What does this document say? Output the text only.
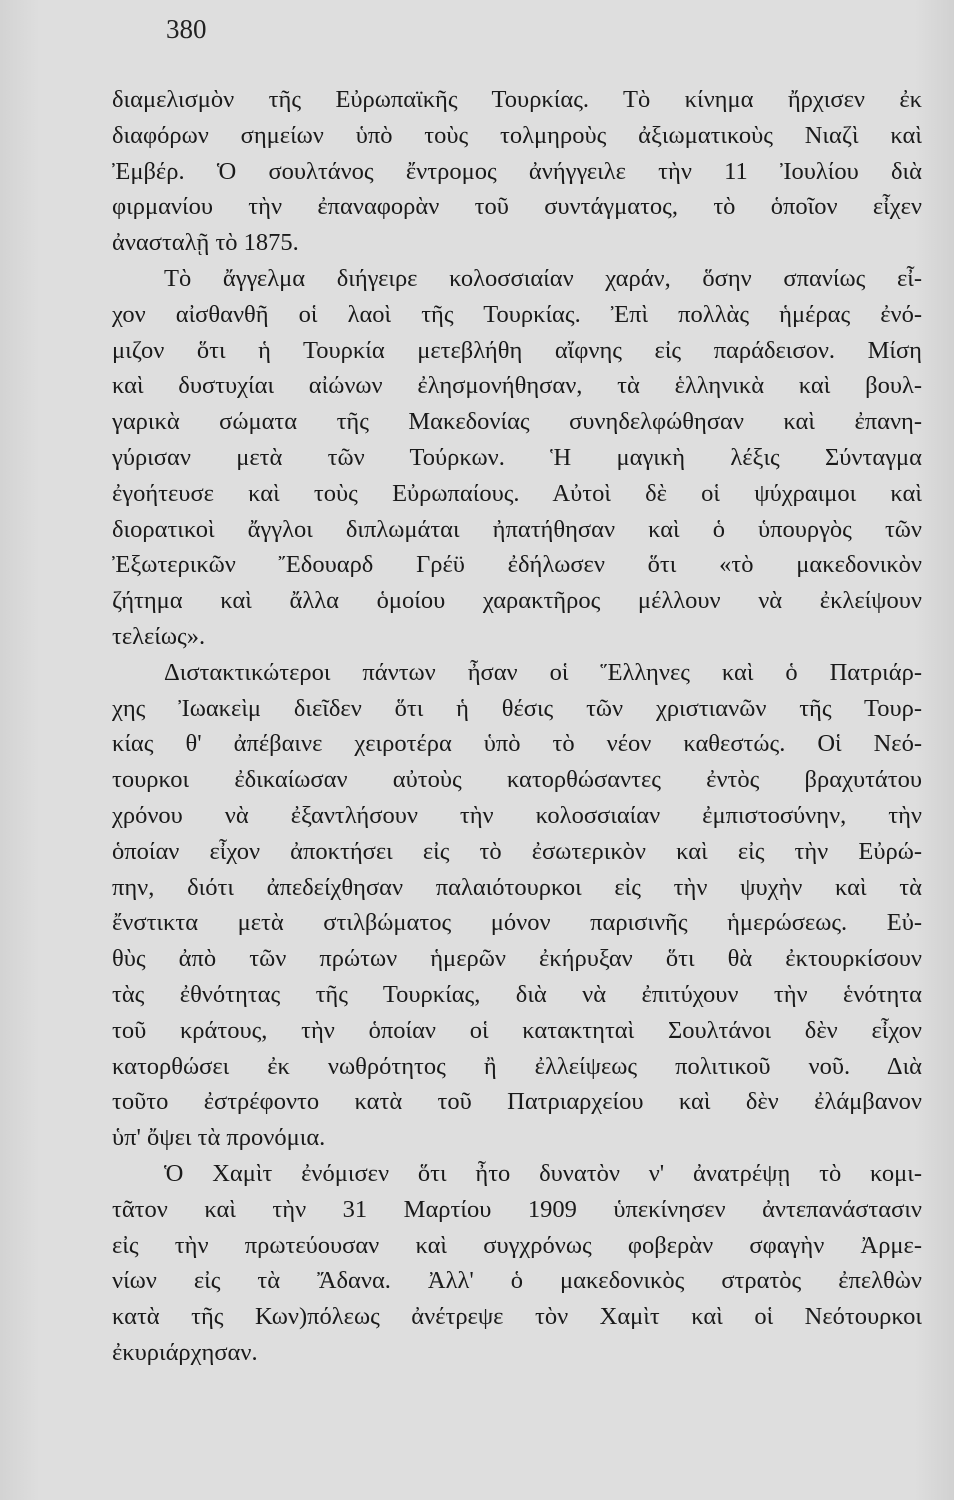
380

διαμελισμὸν τῆς Εὐρωπαϊκῆς Τουρκίας. Τὸ κίνημα ἤρχισεν ἐκ
διαφόρων σημείων ὑπὸ τοὺς τολμηροὺς ἀξιωματικοὺς Νιαζὶ καὶ
Ἐμβέρ. Ὁ σουλτάνος ἔντρομος ἀνήγγειλε τὴν 11 Ἰουλίου διὰ
φιρμανίου τὴν ἐπαναφορὰν τοῦ συντάγματος, τὸ ὁποῖον εἶχεν
ἀνασταλῇ τὸ 1875.

Τὸ ἄγγελμα διήγειρε κολοσσιαίαν χαράν, ὅσην σπανίως εἶ-
χον αἰσθανθῆ οἱ λαοὶ τῆς Τουρκίας. Ἐπὶ πολλὰς ἡμέρας ἐνό-
μιζον ὅτι ἡ Τουρκία μετεβλήθη αἴφνης εἰς παράδεισον. Μίση
καὶ δυστυχίαι αἰώνων ἐλησμονήθησαν, τὰ ἑλληνικὰ καὶ βουλ-
γαρικὰ σώματα τῆς Μακεδονίας συνηδελφώθησαν καὶ ἐπανη-
γύρισαν μετὰ τῶν Τούρκων. Ἡ μαγικὴ λέξις Σύνταγμα
ἐγοήτευσε καὶ τοὺς Εὐρωπαίους. Αὐτοὶ δὲ οἱ ψύχραιμοι καὶ
διορατικοὶ ἄγγλοι διπλωμάται ἠπατήθησαν καὶ ὁ ὑπουργὸς τῶν
Ἐξωτερικῶν Ἔδουαρδ Γρέϋ ἐδήλωσεν ὅτι «τὸ μακεδονικὸν
ζήτημα καὶ ἄλλα ὁμοίου χαρακτῆρος μέλλουν νὰ ἐκλείψουν
τελείως».

Διστακτικώτεροι πάντων ἦσαν οἱ Ἕλληνες καὶ ὁ Πατριάρ-
χης Ἰωακεὶμ διεῖδεν ὅτι ἡ θέσις τῶν χριστιανῶν τῆς Τουρ-
κίας θ' ἀπέβαινε χειροτέρα ὑπὸ τὸ νέον καθεστώς. Οἱ Νεό-
τουρκοι ἐδικαίωσαν αὐτοὺς κατορθώσαντες ἐντὸς βραχυτάτου
χρόνου νὰ ἐξαντλήσουν τὴν κολοσσιαίαν ἐμπιστοσύνην, τὴν
ὁποίαν εἶχον ἀποκτήσει εἰς τὸ ἐσωτερικὸν καὶ εἰς τὴν Εὐρώ-
πην, διότι ἀπεδείχθησαν παλαιότουρκοι εἰς τὴν ψυχὴν καὶ τὰ
ἔνστικτα μετὰ στιλβώματος μόνον παρισινῆς ἡμερώσεως. Εὐ-
θὺς ἀπὸ τῶν πρώτων ἡμερῶν ἐκήρυξαν ὅτι θὰ ἐκτουρκίσουν
τὰς ἐθνότητας τῆς Τουρκίας, διὰ νὰ ἐπιτύχουν τὴν ἑνότητα
τοῦ κράτους, τὴν ὁποίαν οἱ κατακτηταὶ Σουλτάνοι δὲν εἶχον
κατορθώσει ἐκ νωθρότητος ἢ ἐλλείψεως πολιτικοῦ νοῦ. Διὰ
τοῦτο ἐστρέφοντο κατὰ τοῦ Πατριαρχείου καὶ δὲν ἐλάμβανον
ὑπ' ὄψει τὰ προνόμια.

Ὁ Χαμὶτ ἐνόμισεν ὅτι ἦτο δυνατὸν ν' ἀνατρέψῃ τὸ κομι-
τᾶτον καὶ τὴν 31 Μαρτίου 1909 ὑπεκίνησεν ἀντεπανάστασιν
εἰς τὴν πρωτεύουσαν καὶ συγχρόνως φοβερὰν σφαγὴν Ἀρμε-
νίων εἰς τὰ Ἄδανα. Ἀλλ' ὁ μακεδονικὸς στρατὸς ἐπελθὼν
κατὰ τῆς Κων)πόλεως ἀνέτρεψε τὸν Χαμὶτ καὶ οἱ Νεότουρκοι
ἐκυριάρχησαν.
